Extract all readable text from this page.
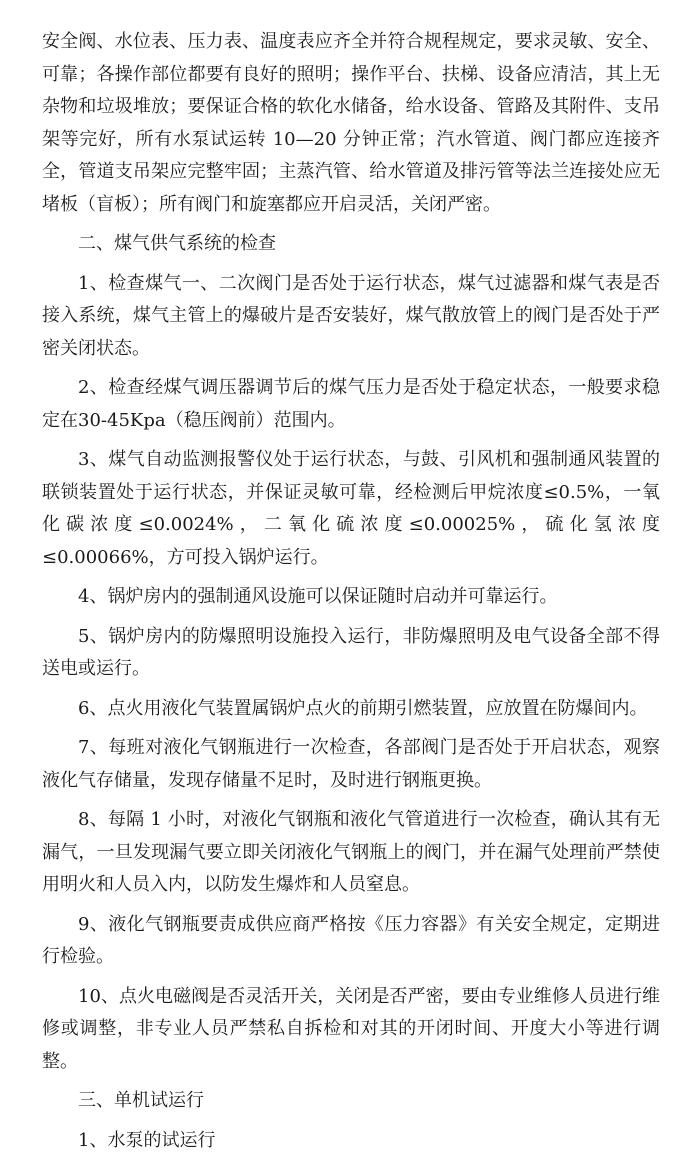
安全阀、水位表、压力表、温度表应齐全并符合规程规定，要求灵敏、安全、可靠；各操作部位都要有良好的照明；操作平台、扶梯、设备应清洁，其上无杂物和垃圾堆放；要保证合格的软化水储备，给水设备、管路及其附件、支吊架等完好，所有水泵试运转 10—20 分钟正常；汽水管道、阀门都应连接齐全，管道支吊架应完整牢固；主蒸汽管、给水管道及排污管等法兰连接处应无堵板（盲板）；所有阀门和旋塞都应开启灵活，关闭严密。

二、煤气供气系统的检查

1、检查煤气一、二次阀门是否处于运行状态，煤气过滤器和煤气表是否接入系统，煤气主管上的爆破片是否安装好，煤气散放管上的阀门是否处于严密关闭状态。

2、检查经煤气调压器调节后的煤气压力是否处于稳定状态，一般要求稳定在30-45Kpa（稳压阀前）范围内。

3、煤气自动监测报警仪处于运行状态，与鼓、引风机和强制通风装置的联锁装置处于运行状态，并保证灵敏可靠，经检测后甲烷浓度≤0.5%，一氧化碳浓度≤0.0024%，二氧化硫浓度≤0.00025%，硫化氢浓度≤0.00066%，方可投入锅炉运行。

4、锅炉房内的强制通风设施可以保证随时启动并可靠运行。

5、锅炉房内的防爆照明设施投入运行，非防爆照明及电气设备全部不得送电或运行。

6、点火用液化气装置属锅炉点火的前期引燃装置，应放置在防爆间内。

7、每班对液化气钢瓶进行一次检查，各部阀门是否处于开启状态，观察液化气存储量，发现存储量不足时，及时进行钢瓶更换。

8、每隔 1 小时，对液化气钢瓶和液化气管道进行一次检查，确认其有无漏气，一旦发现漏气要立即关闭液化气钢瓶上的阀门，并在漏气处理前严禁使用明火和人员入内，以防发生爆炸和人员窒息。

9、液化气钢瓶要责成供应商严格按《压力容器》有关安全规定，定期进行检验。

10、点火电磁阀是否灵活开关，关闭是否严密，要由专业维修人员进行维修或调整，非专业人员严禁私自拆检和对其的开闭时间、开度大小等进行调整。

三、单机试运行

1、水泵的试运行
